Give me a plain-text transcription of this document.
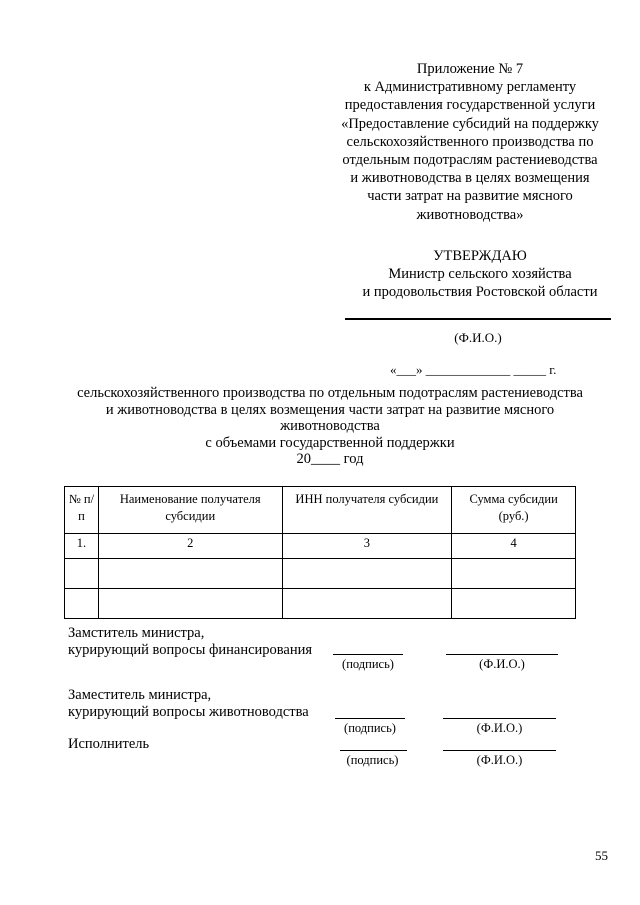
Приложение № 7
к Административному регламенту
предоставления государственной услуги
«Предоставление субсидий на поддержку
сельскохозяйственного производства по
отдельным подотраслям растениеводства
и животноводства в целях возмещения
части затрат на развитие мясного
животноводства»
УТВЕРЖДАЮ
Министр сельского хозяйства
и продовольствия Ростовской области
(Ф.И.О.)
«___» _____________ _____ г.
сельскохозяйственного производства по отдельным подотраслям растениеводства
и животноводства в целях возмещения части затрат на развитие мясного
животноводства
с объемами государственной поддержки
20____ год
№ п/п	Наименование получателя субсидии	ИНН получателя субсидии	Сумма субсидии (руб.)
1.	2	3	4

Замститель министра,
курирующий вопросы финансирования
(подпись)	(Ф.И.О.)
Заместитель министра,
курирующий вопросы животноводства
(подпись)	(Ф.И.О.)
Исполнитель
(подпись)	(Ф.И.О.)
55
